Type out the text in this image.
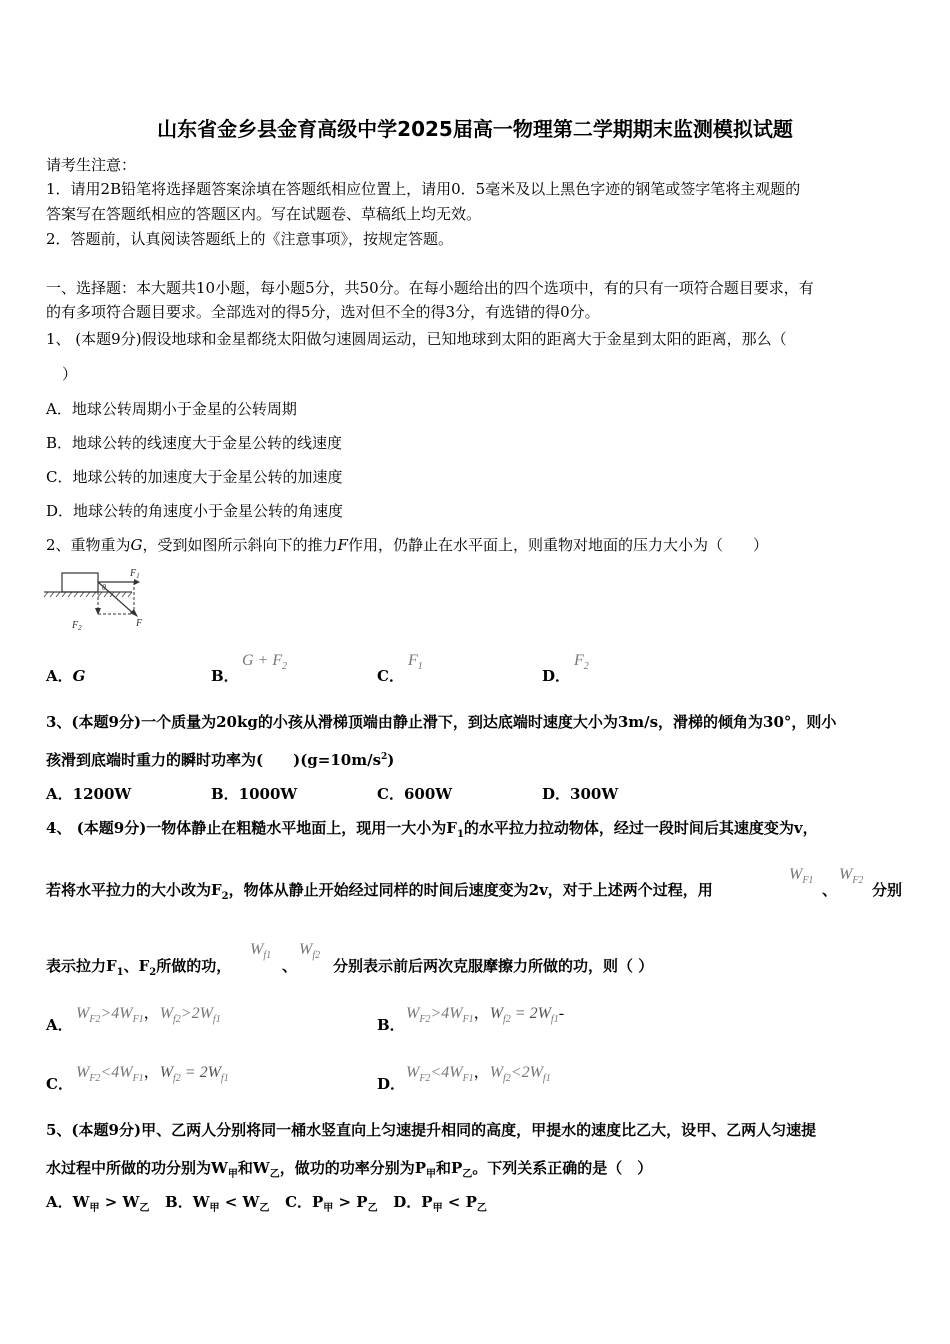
山东省金乡县金育高级中学2025届高一物理第二学期期末监测模拟试题
请考生注意：
1．请用2B铅笔将选择题答案涂填在答题纸相应位置上，请用0．5毫米及以上黑色字迹的钢笔或签字笔将主观题的
答案写在答题纸相应的答题区内。写在试题卷、草稿纸上均无效。
2．答题前，认真阅读答题纸上的《注意事项》，按规定答题。
一、选择题：本大题共10小题，每小题5分，共50分。在每小题给出的四个选项中，有的只有一项符合题目要求，有
的有多项符合题目要求。全部选对的得5分，选对但不全的得3分，有选错的得0分。
1、 (本题9分)假设地球和金星都绕太阳做匀速圆周运动，已知地球到太阳的距离大于金星到太阳的距离，那么（
）
A．地球公转周期小于金星的公转周期
B．地球公转的线速度大于金星公转的线速度
C．地球公转的加速度大于金星公转的加速度
D．地球公转的角速度小于金星公转的角速度
2、重物重为G，受到如图所示斜向下的推力F作用，仍静止在水平面上，则重物对地面的压力大小为（　　）
$F_1$
$F_2$	F
θ
A．G	B．
$G + F_2$
C．
$F_1$
D．
$F_2$
3、(本题9分)一个质量为20kg的小孩从滑梯顶端由静止滑下，到达底端时速度大小为3m/s，滑梯的倾角为30°，则小
孩滑到底端时重力的瞬时功率为(　　)$(g=10m/s^2)$
A．1200W	B．1000W	C．600W	D．300W
4、 (本题9分)一物体静止在粗糙水平地面上，现用一大小为$F_1$的水平拉力拉动物体，经过一段时间后其速度变为v，
若将水平拉力的大小改为$F_2$，物体从静止开始经过同样的时间后速度变为2v，对于上述两个过程，用
$W_{F1}$
、
$W_{F2}$
分别
表示拉力$F_1$、$F_2$所做的功，
$W_{f1}$
、
$W_{f2}$
分别表示前后两次克服摩擦力所做的功，则（ ）
A．
$W_{F2}>4W_{F1}$，$W_{f2}>2W_{f1}$	B．
$W_{F2}>4W_{F1}$，$W_{f2} = 2W_{f1}-$
C．
$W_{F2}<4W_{F1}$，$W_{f2} = 2W_{f1}$	D．
$W_{F2}<4W_{F1}$，$W_{f2}<2W_{f1}$
5、(本题9分)甲、乙两人分别将同一桶水竖直向上匀速提升相同的高度，甲提水的速度比乙大，设甲、乙两人匀速提
水过程中所做的功分别为$W_甲$和$W_乙$，做功的功率分别为$P_甲$和$P_乙$。下列关系正确的是（　）
A．$W_甲 > W_乙$ B．$W_甲 < W_乙$ C．$P_甲 > P_乙$ D．$P_甲 < P_乙$
